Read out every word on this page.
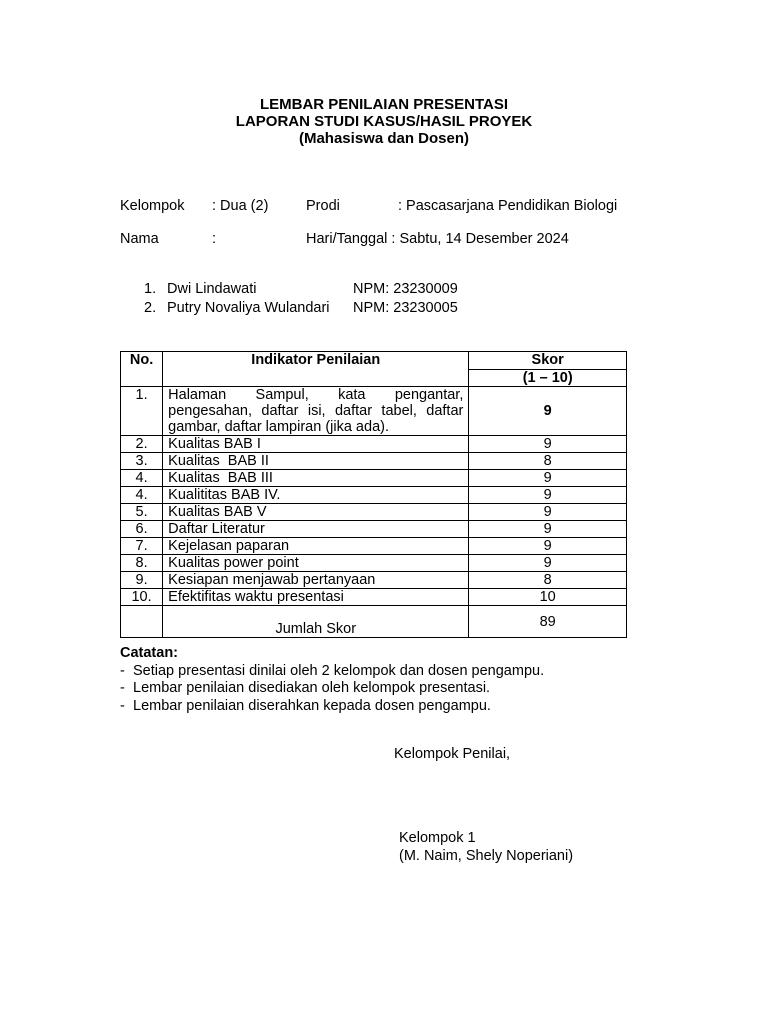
LEMBAR PENILAIAN PRESENTASI
LAPORAN STUDI KASUS/HASIL PROYEK
(Mahasiswa dan Dosen)
Kelompok : Dua (2)	Prodi	: Pascasarjana Pendidikan Biologi
Nama	:	Hari/Tanggal : Sabtu, 14 Desember 2024
1. Dwi Lindawati	NPM: 23230009
2. Putry Novaliya Wulandari NPM: 23230005
No.	Indikator Penilaian	Skor
		(1 – 10)
1.	Halaman Sampul, kata pengantar, pengesahan, daftar isi, daftar tabel, daftar gambar, daftar lampiran (jika ada).	9
2.	Kualitas BAB I	9
3.	Kualitas  BAB II	8
4.	Kualitas  BAB III	9
4.	Kualititas BAB IV.	9
5.	Kualitas BAB V	9
6.	Daftar Literatur	9
7.	Kejelasan paparan	9
8.	Kualitas power point	9
9.	Kesiapan menjawab pertanyaan	8
10.	Efektifitas waktu presentasi	10
	Jumlah Skor	89
Catatan:
- Setiap presentasi dinilai oleh 2 kelompok dan dosen pengampu.
- Lembar penilaian disediakan oleh kelompok presentasi.
- Lembar penilaian diserahkan kepada dosen pengampu.
Kelompok Penilai,
Kelompok 1
(M. Naim, Shely Noperiani)
